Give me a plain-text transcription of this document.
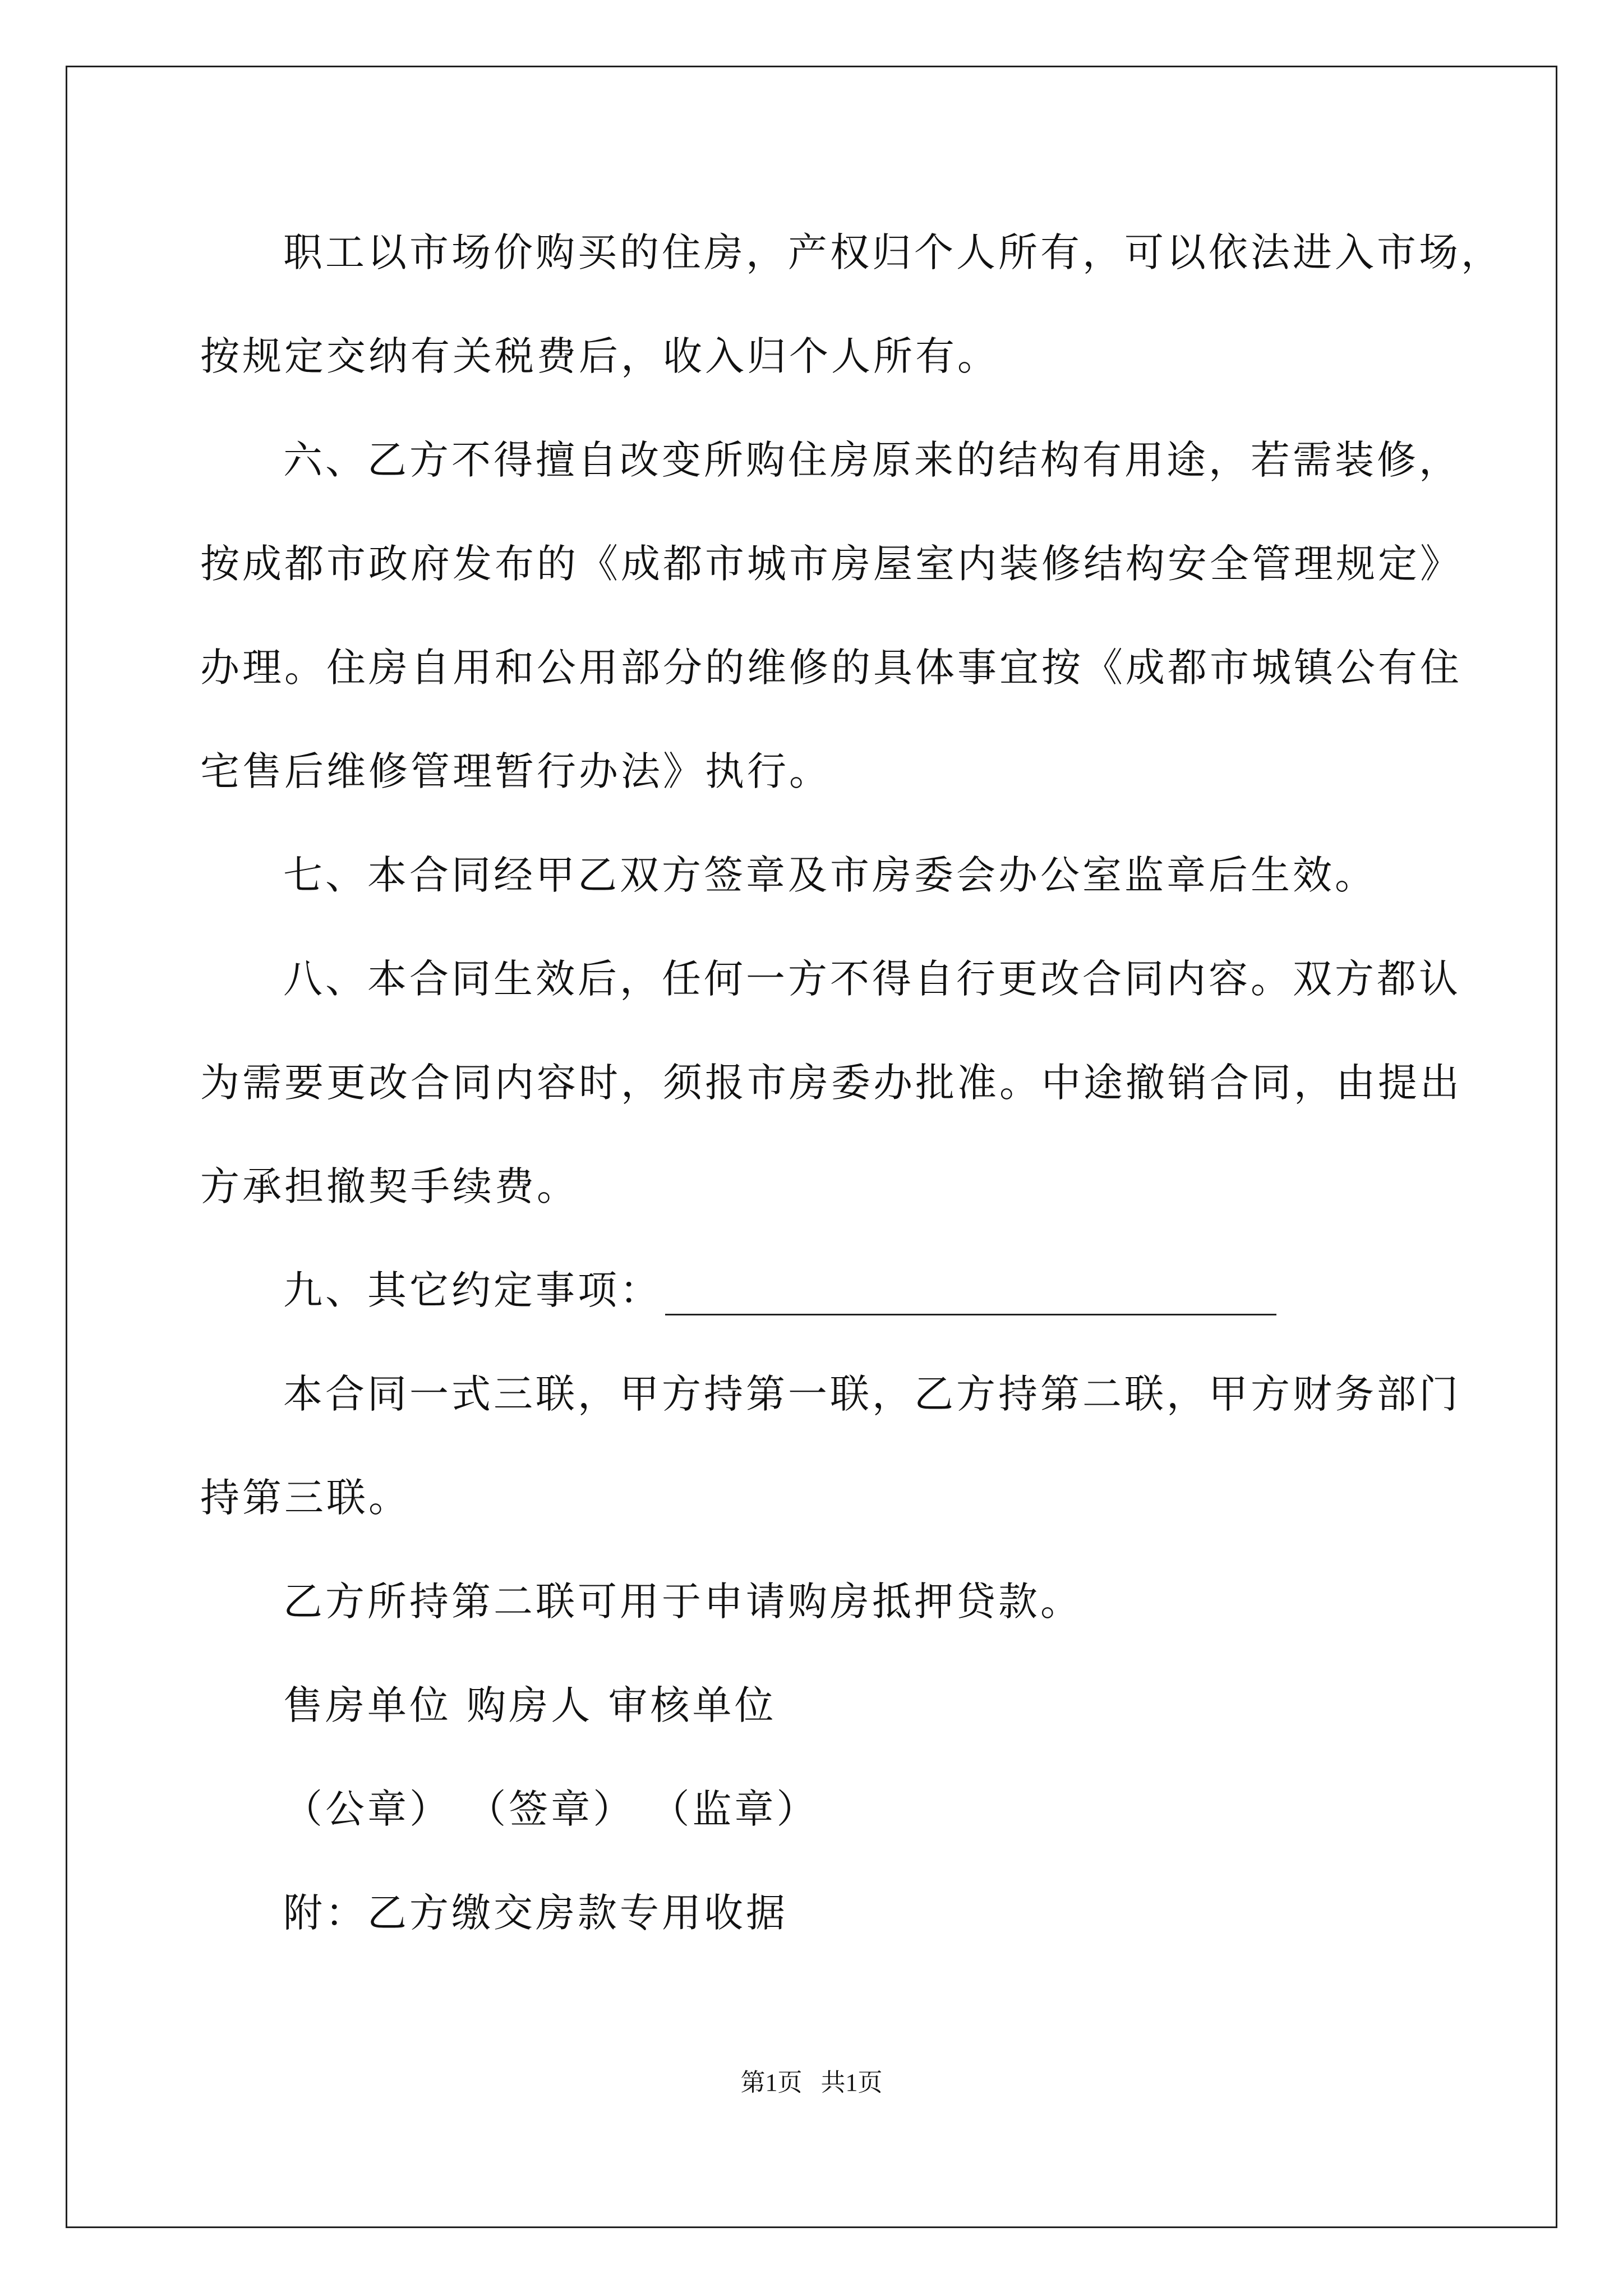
职工以市场价购买的住房，产权归个人所有，可以依法进入市场，
按规定交纳有关税费后，收入归个人所有。
六、乙方不得擅自改变所购住房原来的结构有用途，若需装修，
按成都市政府发布的《成都市城市房屋室内装修结构安全管理规定》
办理。住房自用和公用部分的维修的具体事宜按《成都市城镇公有住
宅售后维修管理暂行办法》执行。
七、本合同经甲乙双方签章及市房委会办公室监章后生效。
八、本合同生效后，任何一方不得自行更改合同内容。双方都认
为需要更改合同内容时，须报市房委办批准。中途撤销合同，由提出
方承担撤契手续费。
九、其它约定事项：
本合同一式三联，甲方持第一联，乙方持第二联，甲方财务部门
持第三联。
乙方所持第二联可用于申请购房抵押贷款。
售房单位 购房人 审核单位
（公章） （签章） （监章）
附：乙方缴交房款专用收据
第1页   共1页
